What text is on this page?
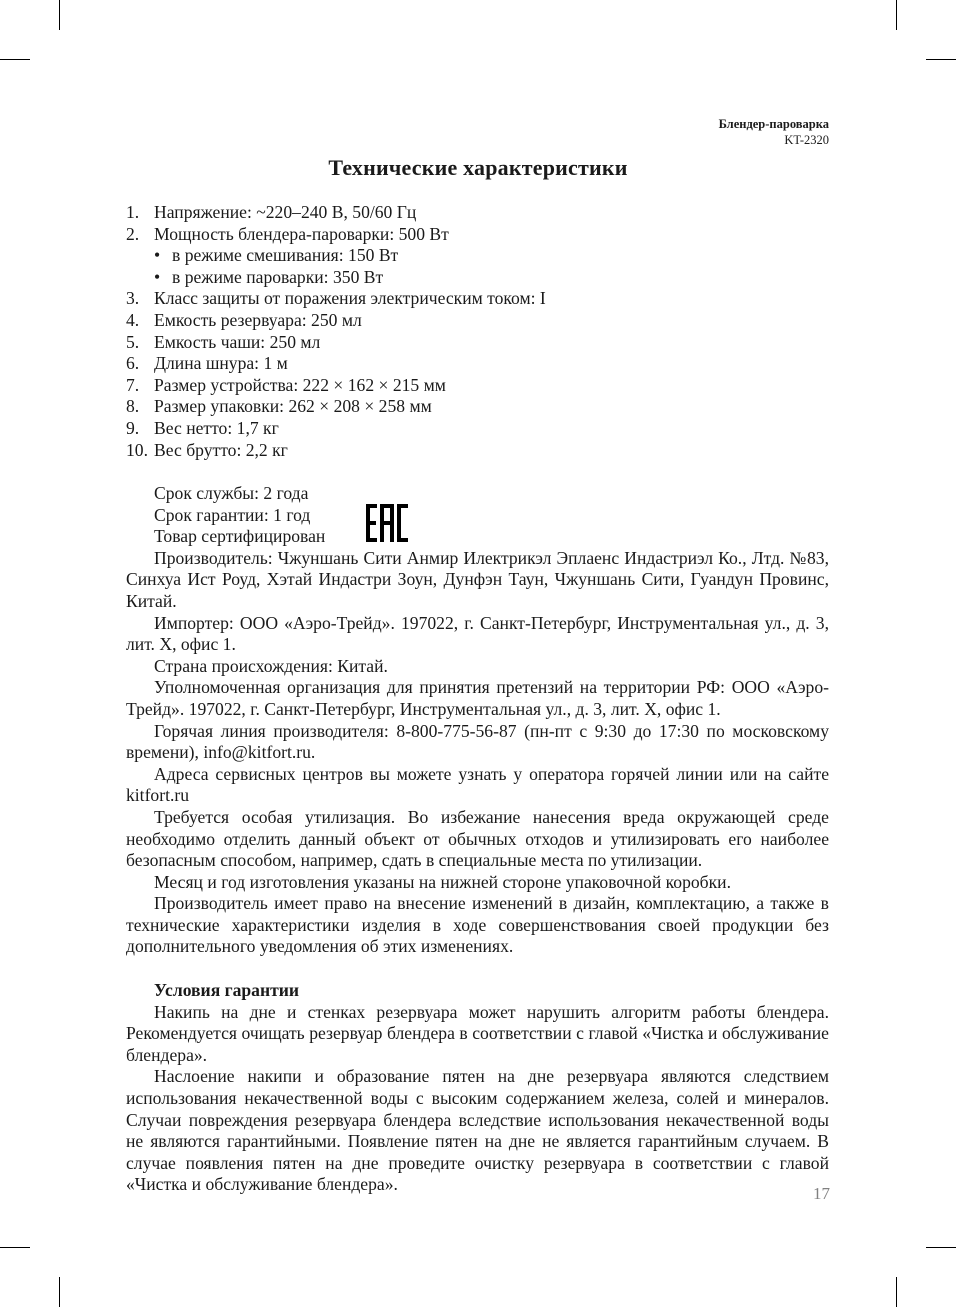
Блендер-пароварка
KT-2320
Технические характеристики
1. Напряжение: ~220–240 В, 50/60 Гц
2. Мощность блендера-пароварки: 500 Вт
• в режиме смешивания: 150 Вт
• в режиме пароварки: 350 Вт
3. Класс защиты от поражения электрическим током: I
4. Емкость резервуара: 250 мл
5. Емкость чаши: 250 мл
6. Длина шнура: 1 м
7. Размер устройства: 222 × 162 × 215 мм
8. Размер упаковки: 262 × 208 × 258 мм
9. Вес нетто: 1,7 кг
10. Вес брутто: 2,2 кг

Срок службы: 2 года

Срок гарантии: 1 год

Товар сертифицирован

Производитель: Чжуншань Сити Анмир Илектрикэл Эплаенс Индастриэл Ко., Лтд. №83, Синхуа Ист Роуд, Хэтай Индастри Зоун, Дунфэн Таун, Чжуншань Сити, Гуандун Провинс, Китай.

Импортер: ООО «Аэро-Трейд». 197022, г. Санкт-Петербург, Инструментальная ул., д. 3, лит. Х, офис 1.

Страна происхождения: Китай.

Уполномоченная организация для принятия претензий на территории РФ: ООО «Аэро-Трейд». 197022, г. Санкт-Петербург, Инструментальная ул., д. 3, лит. Х, офис 1.

Горячая линия производителя: 8-800-775-56-87 (пн-пт с 9:30 до 17:30 по московскому времени), info@kitfort.ru.

Адреса сервисных центров вы можете узнать у оператора горячей линии или на сайте kitfort.ru

Требуется особая утилизация. Во избежание нанесения вреда окружающей среде необходимо отделить данный объект от обычных отходов и утилизировать его наиболее безопасным способом, например, сдать в специальные места по утилизации.

Месяц и год изготовления указаны на нижней стороне упаковочной коробки.

Производитель имеет право на внесение изменений в дизайн, комплектацию, а также в технические характеристики изделия в ходе совершенствования своей продукции без дополнительного уведомления об этих изменениях.

Условия гарантии

Накипь на дне и стенках резервуара может нарушить алгоритм работы блендера. Рекомендуется очищать резервуар блендера в соответствии с главой «Чистка и обслуживание блендера».

Наслоение накипи и образование пятен на дне резервуара являются следствием использования некачественной воды с высоким содержанием железа, солей и минералов. Случаи повреждения резервуара блендера вследствие использования некачественной воды не являются гарантийными. Появление пятен на дне не является гарантийным случаем. В случае появления пятен на дне проведите очистку резервуара в соответствии с главой «Чистка и обслуживание блендера».	17
